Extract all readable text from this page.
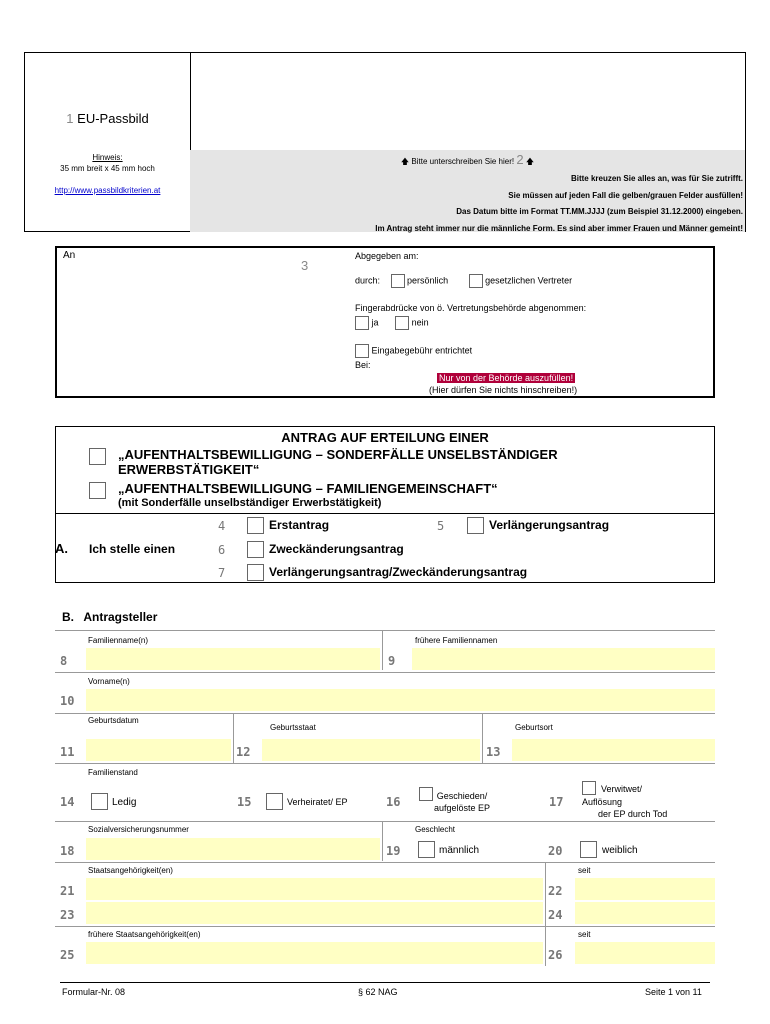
1 EU-Passbild
Hinweis:
35 mm breit x 45 mm hoch
http://www.passbildkriterien.at
🡅 Bitte unterschreiben Sie hier! 2 🡅
Bitte kreuzen Sie alles an, was für Sie zutrifft.
Sie müssen auf jeden Fall die gelben/grauen Felder ausfüllen!
Das Datum bitte im Format TT.MM.JJJJ (zum Beispiel 31.12.2000) eingeben.
Im Antrag steht immer nur die männliche Form. Es sind aber immer Frauen und Männer gemeint!
An
3
Abgegeben am:
durch:	persönlich	gesetzlichen Vertreter
Fingerabdrücke von ö. Vertretungsbehörde abgenommen:
ja	nein
Eingabegebühr entrichtet
Bei:
Nur von der Behörde auszufüllen!
(Hier dürfen Sie nichts hinschreiben!)
ANTRAG AUF ERTEILUNG EINER
„AUFENTHALTSBEWILLIGUNG – SONDERFÄLLE UNSELBSTÄNDIGER
ERWERBSTÄTIGKEIT“
„AUFENTHALTSBEWILLIGUNG – FAMILIENGEMEINSCHAFT“
(mit Sonderfälle unselbständiger Erwerbstätigkeit)
A. Ich stelle einen
4	Erstantrag	5	Verlängerungsantrag
6	Zweckänderungsantrag
7	Verlängerungsantrag/Zweckänderungsantrag
B. Antragsteller
Familienname(n)	frühere Familiennamen
8	9
Vorname(n)
10
Geburtsdatum
Geburtsstaat	Geburtsort
11	12	13
Familienstand
14	Ledig	15	Verheiratet/ EP	16	Geschieden/
aufgelöste EP	17
Verwitwet/
Auflösung
der EP durch Tod
Sozialversicherungsnummer	Geschlecht
18	19	männlich	20	weiblich
Staatsangehörigkeit(en)	seit
21	22
23	24
frühere Staatsangehörigkeit(en)	seit
25	26
Formular-Nr. 08	§ 62 NAG	Seite 1 von 11
